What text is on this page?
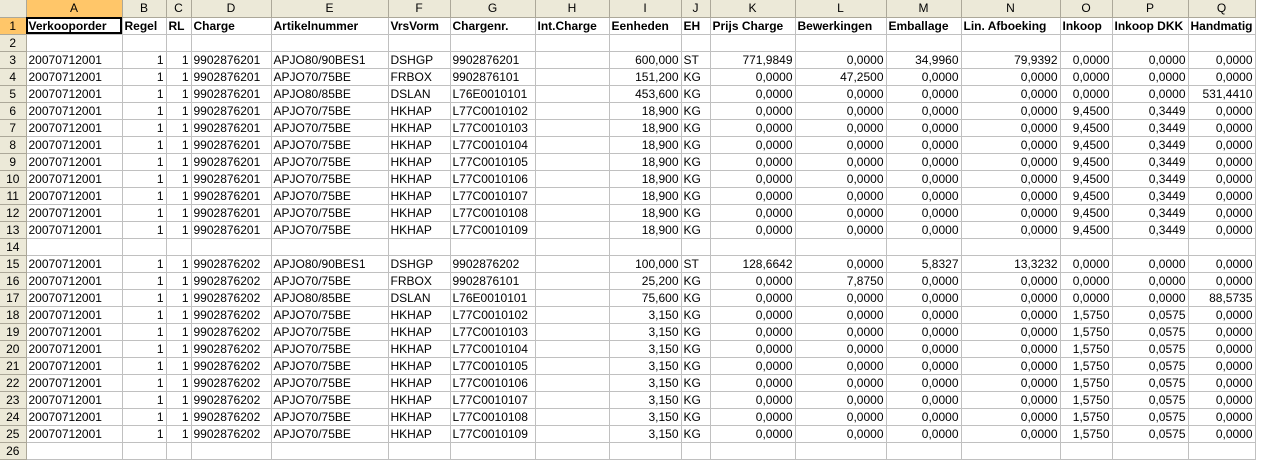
	A	B	C	D	E	F	G	H	I	J	K	L	M	N	O	P	Q
1	Verkooporder	Regel	RL	Charge	Artikelnummer	VrsVorm	Chargenr.	Int.Charge	Eenheden	EH	Prijs Charge	Bewerkingen	Emballage	Lin. Afboeking	Inkoop	Inkoop DKK	Handmatig
2																	
3	20070712001	1	1	9902876201	APJO80/90BES1	DSHGP	9902876201		600,000	ST	771,9849	0,0000	34,9960	79,9392	0,0000	0,0000	0,0000
4	20070712001	1	1	9902876201	APJO70/75BE	FRBOX	9902876101		151,200	KG	0,0000	47,2500	0,0000	0,0000	0,0000	0,0000	0,0000
5	20070712001	1	1	9902876201	APJO80/85BE	DSLAN	L76E0010101		453,600	KG	0,0000	0,0000	0,0000	0,0000	0,0000	0,0000	531,4410
6	20070712001	1	1	9902876201	APJO70/75BE	HKHAP	L77C0010102		18,900	KG	0,0000	0,0000	0,0000	0,0000	9,4500	0,3449	0,0000
7	20070712001	1	1	9902876201	APJO70/75BE	HKHAP	L77C0010103		18,900	KG	0,0000	0,0000	0,0000	0,0000	9,4500	0,3449	0,0000
8	20070712001	1	1	9902876201	APJO70/75BE	HKHAP	L77C0010104		18,900	KG	0,0000	0,0000	0,0000	0,0000	9,4500	0,3449	0,0000
9	20070712001	1	1	9902876201	APJO70/75BE	HKHAP	L77C0010105		18,900	KG	0,0000	0,0000	0,0000	0,0000	9,4500	0,3449	0,0000
10	20070712001	1	1	9902876201	APJO70/75BE	HKHAP	L77C0010106		18,900	KG	0,0000	0,0000	0,0000	0,0000	9,4500	0,3449	0,0000
11	20070712001	1	1	9902876201	APJO70/75BE	HKHAP	L77C0010107		18,900	KG	0,0000	0,0000	0,0000	0,0000	9,4500	0,3449	0,0000
12	20070712001	1	1	9902876201	APJO70/75BE	HKHAP	L77C0010108		18,900	KG	0,0000	0,0000	0,0000	0,0000	9,4500	0,3449	0,0000
13	20070712001	1	1	9902876201	APJO70/75BE	HKHAP	L77C0010109		18,900	KG	0,0000	0,0000	0,0000	0,0000	9,4500	0,3449	0,0000
14																	
15	20070712001	1	1	9902876202	APJO80/90BES1	DSHGP	9902876202		100,000	ST	128,6642	0,0000	5,8327	13,3232	0,0000	0,0000	0,0000
16	20070712001	1	1	9902876202	APJO70/75BE	FRBOX	9902876101		25,200	KG	0,0000	7,8750	0,0000	0,0000	0,0000	0,0000	0,0000
17	20070712001	1	1	9902876202	APJO80/85BE	DSLAN	L76E0010101		75,600	KG	0,0000	0,0000	0,0000	0,0000	0,0000	0,0000	88,5735
18	20070712001	1	1	9902876202	APJO70/75BE	HKHAP	L77C0010102		3,150	KG	0,0000	0,0000	0,0000	0,0000	1,5750	0,0575	0,0000
19	20070712001	1	1	9902876202	APJO70/75BE	HKHAP	L77C0010103		3,150	KG	0,0000	0,0000	0,0000	0,0000	1,5750	0,0575	0,0000
20	20070712001	1	1	9902876202	APJO70/75BE	HKHAP	L77C0010104		3,150	KG	0,0000	0,0000	0,0000	0,0000	1,5750	0,0575	0,0000
21	20070712001	1	1	9902876202	APJO70/75BE	HKHAP	L77C0010105		3,150	KG	0,0000	0,0000	0,0000	0,0000	1,5750	0,0575	0,0000
22	20070712001	1	1	9902876202	APJO70/75BE	HKHAP	L77C0010106		3,150	KG	0,0000	0,0000	0,0000	0,0000	1,5750	0,0575	0,0000
23	20070712001	1	1	9902876202	APJO70/75BE	HKHAP	L77C0010107		3,150	KG	0,0000	0,0000	0,0000	0,0000	1,5750	0,0575	0,0000
24	20070712001	1	1	9902876202	APJO70/75BE	HKHAP	L77C0010108		3,150	KG	0,0000	0,0000	0,0000	0,0000	1,5750	0,0575	0,0000
25	20070712001	1	1	9902876202	APJO70/75BE	HKHAP	L77C0010109		3,150	KG	0,0000	0,0000	0,0000	0,0000	1,5750	0,0575	0,0000
26																	
